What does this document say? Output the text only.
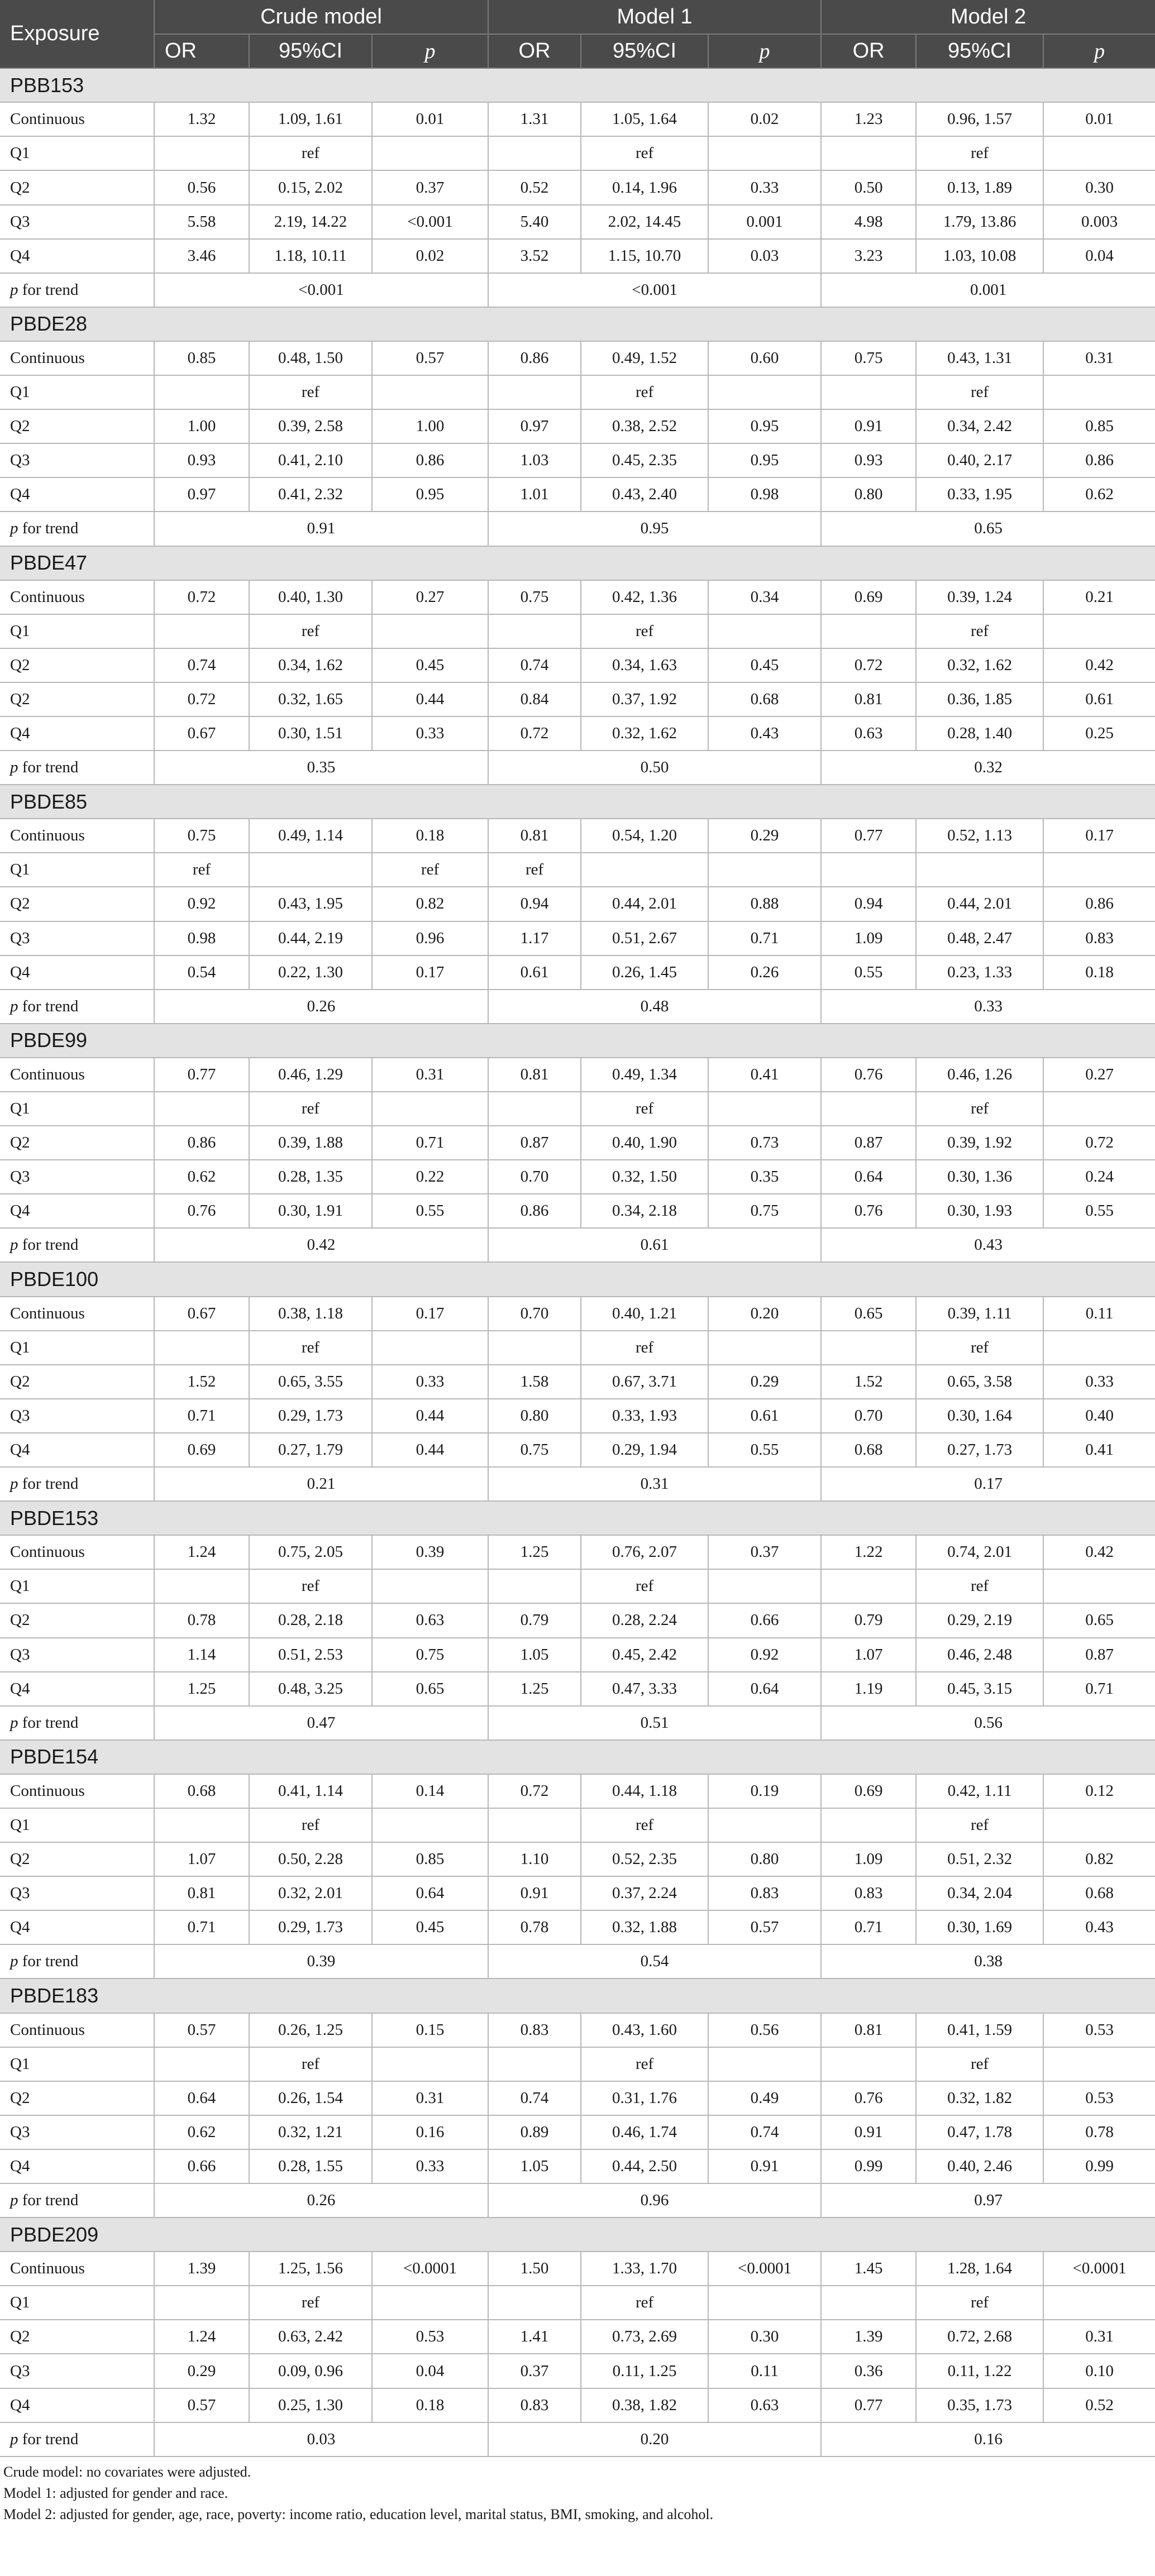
Exposure	Crude model			Model 1			Model 2		
	OR	95%CI	p	OR	95%CI	p	OR	95%CI	p
PBB153									
Continuous	1.32	1.09, 1.61	0.01	1.31	1.05, 1.64	0.02	1.23	0.96, 1.57	0.01
Q1		ref			ref			ref	
Q2	0.56	0.15, 2.02	0.37	0.52	0.14, 1.96	0.33	0.50	0.13, 1.89	0.30
Q3	5.58	2.19, 14.22	<0.001	5.40	2.02, 14.45	0.001	4.98	1.79, 13.86	0.003
Q4	3.46	1.18, 10.11	0.02	3.52	1.15, 10.70	0.03	3.23	1.03, 10.08	0.04
p for trend	<0.001			<0.001			0.001		
PBDE28									
Continuous	0.85	0.48, 1.50	0.57	0.86	0.49, 1.52	0.60	0.75	0.43, 1.31	0.31
Q1		ref			ref			ref	
Q2	1.00	0.39, 2.58	1.00	0.97	0.38, 2.52	0.95	0.91	0.34, 2.42	0.85
Q3	0.93	0.41, 2.10	0.86	1.03	0.45, 2.35	0.95	0.93	0.40, 2.17	0.86
Q4	0.97	0.41, 2.32	0.95	1.01	0.43, 2.40	0.98	0.80	0.33, 1.95	0.62
p for trend	0.91			0.95			0.65		
PBDE47									
Continuous	0.72	0.40, 1.30	0.27	0.75	0.42, 1.36	0.34	0.69	0.39, 1.24	0.21
Q1		ref			ref			ref	
Q2	0.74	0.34, 1.62	0.45	0.74	0.34, 1.63	0.45	0.72	0.32, 1.62	0.42
Q2	0.72	0.32, 1.65	0.44	0.84	0.37, 1.92	0.68	0.81	0.36, 1.85	0.61
Q4	0.67	0.30, 1.51	0.33	0.72	0.32, 1.62	0.43	0.63	0.28, 1.40	0.25
p for trend	0.35			0.50			0.32		
PBDE85									
Continuous	0.75	0.49, 1.14	0.18	0.81	0.54, 1.20	0.29	0.77	0.52, 1.13	0.17
Q1	ref		ref	ref					
Q2	0.92	0.43, 1.95	0.82	0.94	0.44, 2.01	0.88	0.94	0.44, 2.01	0.86
Q3	0.98	0.44, 2.19	0.96	1.17	0.51, 2.67	0.71	1.09	0.48, 2.47	0.83
Q4	0.54	0.22, 1.30	0.17	0.61	0.26, 1.45	0.26	0.55	0.23, 1.33	0.18
p for trend	0.26			0.48			0.33		
PBDE99									
Continuous	0.77	0.46, 1.29	0.31	0.81	0.49, 1.34	0.41	0.76	0.46, 1.26	0.27
Q1		ref			ref			ref	
Q2	0.86	0.39, 1.88	0.71	0.87	0.40, 1.90	0.73	0.87	0.39, 1.92	0.72
Q3	0.62	0.28, 1.35	0.22	0.70	0.32, 1.50	0.35	0.64	0.30, 1.36	0.24
Q4	0.76	0.30, 1.91	0.55	0.86	0.34, 2.18	0.75	0.76	0.30, 1.93	0.55
p for trend	0.42			0.61			0.43		
PBDE100									
Continuous	0.67	0.38, 1.18	0.17	0.70	0.40, 1.21	0.20	0.65	0.39, 1.11	0.11
Q1		ref			ref			ref	
Q2	1.52	0.65, 3.55	0.33	1.58	0.67, 3.71	0.29	1.52	0.65, 3.58	0.33
Q3	0.71	0.29, 1.73	0.44	0.80	0.33, 1.93	0.61	0.70	0.30, 1.64	0.40
Q4	0.69	0.27, 1.79	0.44	0.75	0.29, 1.94	0.55	0.68	0.27, 1.73	0.41
p for trend	0.21			0.31			0.17		
PBDE153									
Continuous	1.24	0.75, 2.05	0.39	1.25	0.76, 2.07	0.37	1.22	0.74, 2.01	0.42
Q1		ref			ref			ref	
Q2	0.78	0.28, 2.18	0.63	0.79	0.28, 2.24	0.66	0.79	0.29, 2.19	0.65
Q3	1.14	0.51, 2.53	0.75	1.05	0.45, 2.42	0.92	1.07	0.46, 2.48	0.87
Q4	1.25	0.48, 3.25	0.65	1.25	0.47, 3.33	0.64	1.19	0.45, 3.15	0.71
p for trend	0.47			0.51			0.56		
PBDE154									
Continuous	0.68	0.41, 1.14	0.14	0.72	0.44, 1.18	0.19	0.69	0.42, 1.11	0.12
Q1		ref			ref			ref	
Q2	1.07	0.50, 2.28	0.85	1.10	0.52, 2.35	0.80	1.09	0.51, 2.32	0.82
Q3	0.81	0.32, 2.01	0.64	0.91	0.37, 2.24	0.83	0.83	0.34, 2.04	0.68
Q4	0.71	0.29, 1.73	0.45	0.78	0.32, 1.88	0.57	0.71	0.30, 1.69	0.43
p for trend	0.39			0.54			0.38		
PBDE183									
Continuous	0.57	0.26, 1.25	0.15	0.83	0.43, 1.60	0.56	0.81	0.41, 1.59	0.53
Q1		ref			ref			ref	
Q2	0.64	0.26, 1.54	0.31	0.74	0.31, 1.76	0.49	0.76	0.32, 1.82	0.53
Q3	0.62	0.32, 1.21	0.16	0.89	0.46, 1.74	0.74	0.91	0.47, 1.78	0.78
Q4	0.66	0.28, 1.55	0.33	1.05	0.44, 2.50	0.91	0.99	0.40, 2.46	0.99
p for trend	0.26			0.96			0.97		
PBDE209									
Continuous	1.39	1.25, 1.56	<0.0001	1.50	1.33, 1.70	<0.0001	1.45	1.28, 1.64	<0.0001
Q1		ref			ref			ref	
Q2	1.24	0.63, 2.42	0.53	1.41	0.73, 2.69	0.30	1.39	0.72, 2.68	0.31
Q3	0.29	0.09, 0.96	0.04	0.37	0.11, 1.25	0.11	0.36	0.11, 1.22	0.10
Q4	0.57	0.25, 1.30	0.18	0.83	0.38, 1.82	0.63	0.77	0.35, 1.73	0.52
p for trend	0.03			0.20			0.16		
Crude model: no covariates were adjusted.
Model 1: adjusted for gender and race.
Model 2: adjusted for gender, age, race, poverty: income ratio, education level, marital status, BMI, smoking, and alcohol.
